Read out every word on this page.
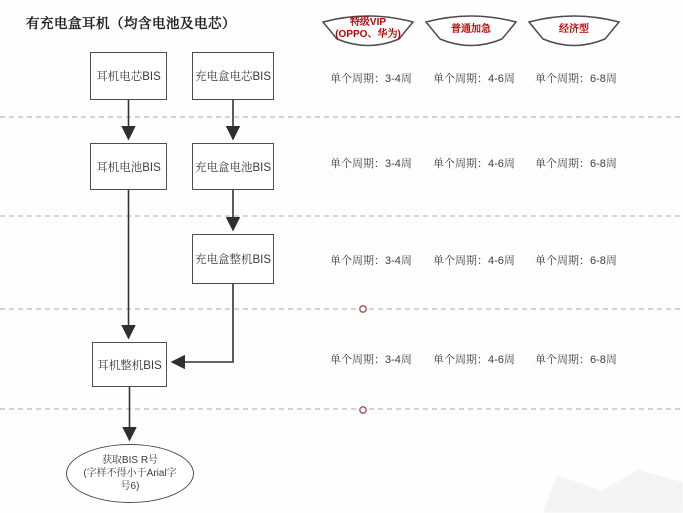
有充电盒耳机（均含电池及电芯）
耳机电芯BIS	充电盒电芯BIS
耳机电池BIS	充电盒电池BIS
充电盒整机BIS
耳机整机BIS
获取BIS R号
(字样不得小于Arial字
号6)
特级VIP
(OPPO、华为)	普通加急	经济型
单个周期：3-4周	单个周期：4-6周	单个周期：6-8周
单个周期：3-4周	单个周期：4-6周	单个周期：6-8周
单个周期：3-4周	单个周期：4-6周	单个周期：6-8周
单个周期：3-4周	单个周期：4-6周	单个周期：6-8周
